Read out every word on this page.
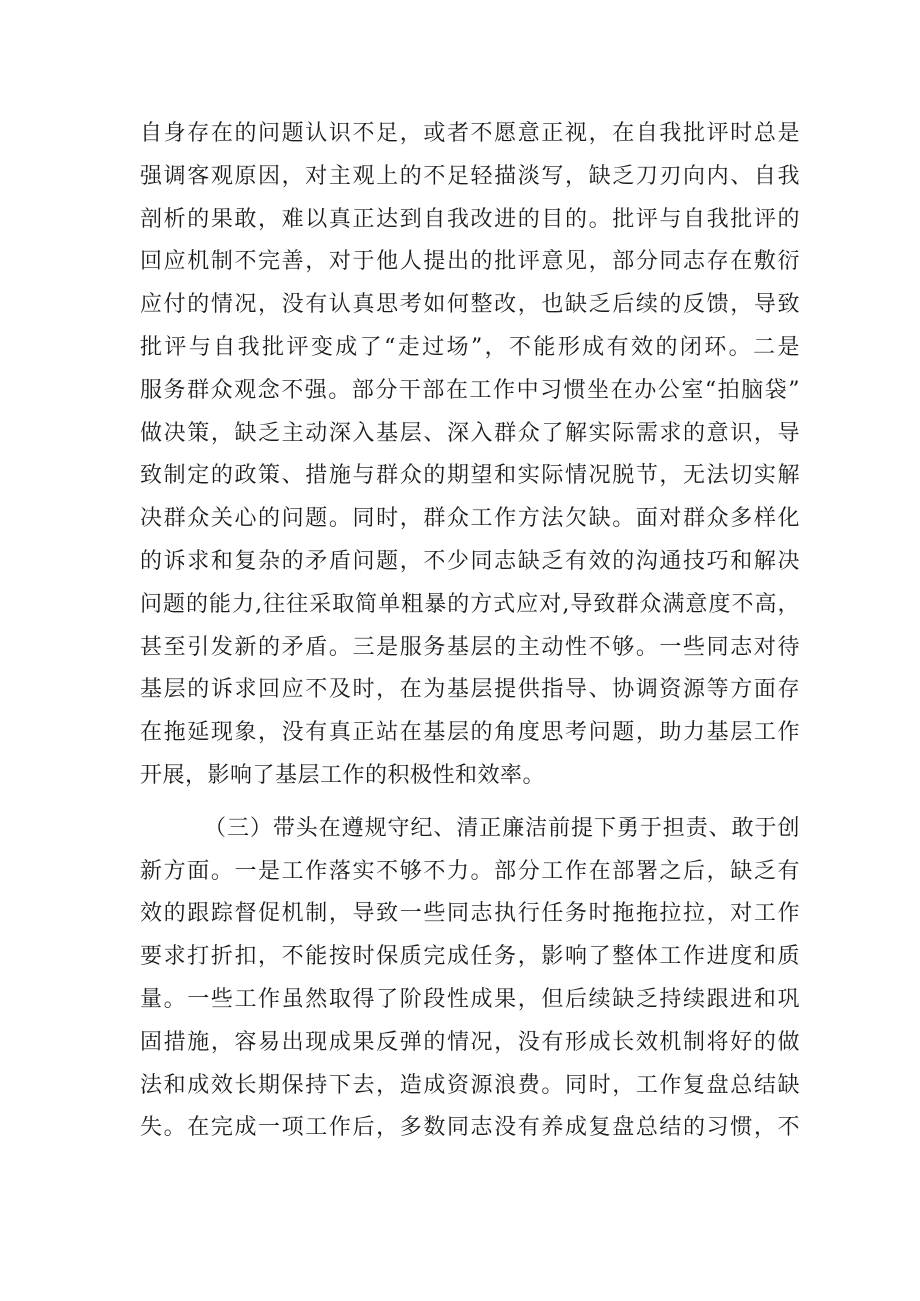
自身存在的问题认识不足，或者不愿意正视，在自我批评时总是
强调客观原因，对主观上的不足轻描淡写，缺乏刀刃向内、自我
剖析的果敢，难以真正达到自我改进的目的。批评与自我批评的
回应机制不完善，对于他人提出的批评意见，部分同志存在敷衍
应付的情况，没有认真思考如何整改，也缺乏后续的反馈，导致
批评与自我批评变成了“走过场”，不能形成有效的闭环。二是
服务群众观念不强。部分干部在工作中习惯坐在办公室“拍脑袋”
做决策，缺乏主动深入基层、深入群众了解实际需求的意识，导
致制定的政策、措施与群众的期望和实际情况脱节，无法切实解
决群众关心的问题。同时，群众工作方法欠缺。面对群众多样化
的诉求和复杂的矛盾问题，不少同志缺乏有效的沟通技巧和解决
问题的能力,往往采取简单粗暴的方式应对,导致群众满意度不高，
甚至引发新的矛盾。三是服务基层的主动性不够。一些同志对待
基层的诉求回应不及时，在为基层提供指导、协调资源等方面存
在拖延现象，没有真正站在基层的角度思考问题，助力基层工作
开展，影响了基层工作的积极性和效率。
（三）带头在遵规守纪、清正廉洁前提下勇于担责、敢于创
新方面。一是工作落实不够不力。部分工作在部署之后，缺乏有
效的跟踪督促机制，导致一些同志执行任务时拖拖拉拉，对工作
要求打折扣，不能按时保质完成任务，影响了整体工作进度和质
量。一些工作虽然取得了阶段性成果，但后续缺乏持续跟进和巩
固措施，容易出现成果反弹的情况，没有形成长效机制将好的做
法和成效长期保持下去，造成资源浪费。同时，工作复盘总结缺
失。在完成一项工作后，多数同志没有养成复盘总结的习惯，不
